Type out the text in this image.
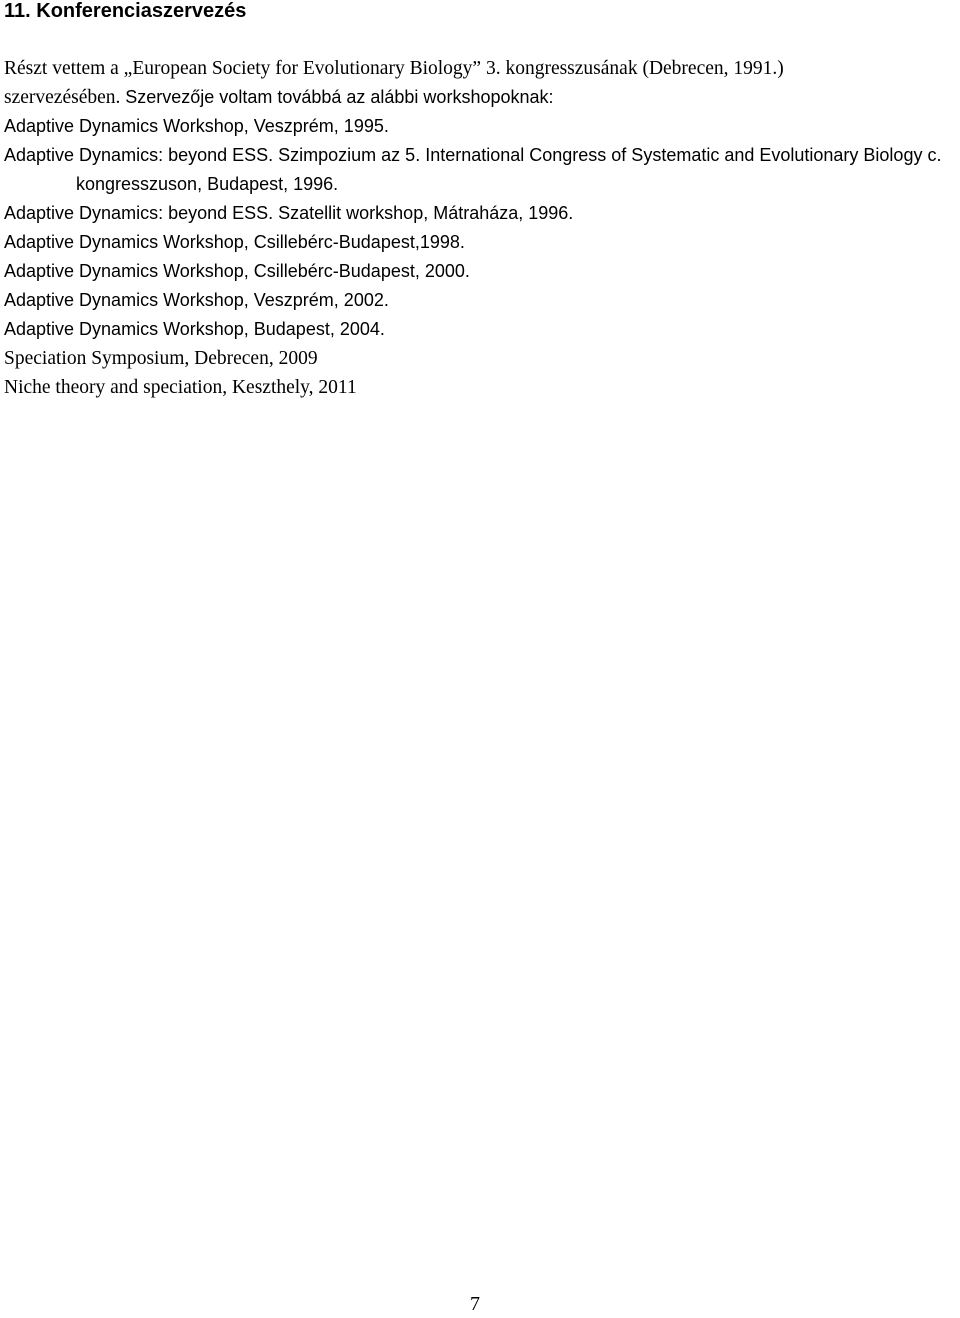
11. Konferenciaszervezés

Részt vettem a „European Society for Evolutionary Biology” 3. kongresszusának (Debrecen, 1991.)

szervezésében. Szervezője voltam továbbá az alábbi workshopoknak:

Adaptive Dynamics Workshop, Veszprém, 1995.
Adaptive Dynamics: beyond ESS. Szimpozium az 5. International Congress of Systematic and Evolutionary Biology c. kongresszuson, Budapest, 1996.
Adaptive Dynamics: beyond ESS. Szatellit workshop, Mátraháza, 1996.
Adaptive Dynamics Workshop, Csillebérc-Budapest,1998.
Adaptive Dynamics Workshop, Csillebérc-Budapest, 2000.
Adaptive Dynamics Workshop, Veszprém, 2002.
Adaptive Dynamics Workshop, Budapest, 2004.
Speciation Symposium, Debrecen, 2009
Niche theory and speciation, Keszthely, 2011
7
